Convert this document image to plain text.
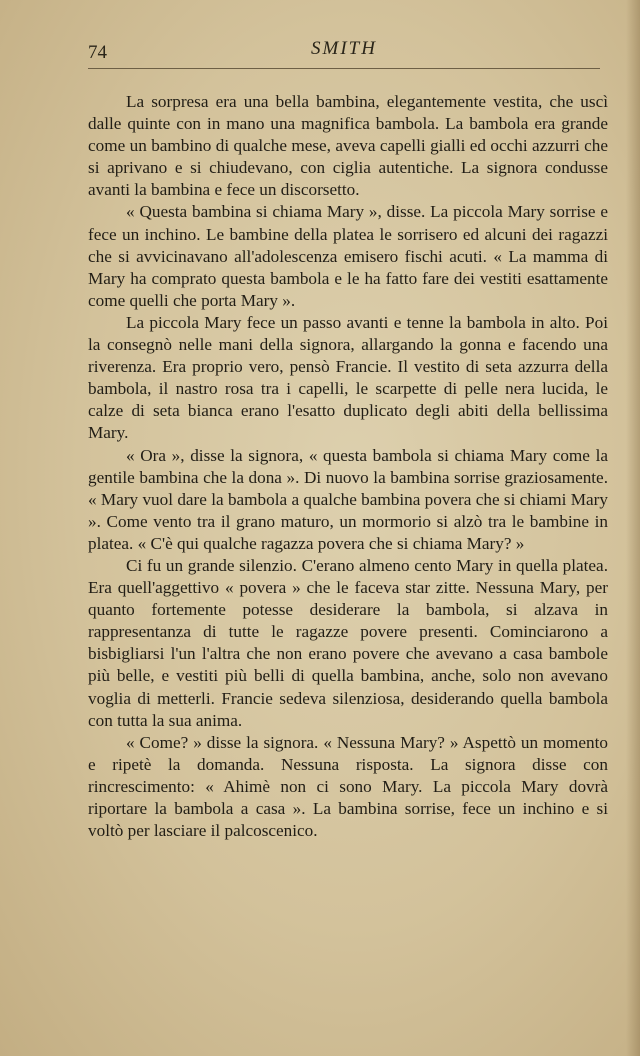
74	SMITH

La sorpresa era una bella bambina, elegantemente vestita, che uscì dalle quinte con in mano una magnifica bambola. La bambola era grande come un bambino di qualche mese, aveva capelli gialli ed occhi azzurri che si aprivano e si chiudevano, con ciglia autentiche. La signora condusse avanti la bambina e fece un discorsetto.

« Questa bambina si chiama Mary », disse. La piccola Mary sorrise e fece un inchino. Le bambine della platea le sorrisero ed alcuni dei ragazzi che si avvicinavano all'adolescenza emisero fischi acuti. « La mamma di Mary ha comprato questa bambola e le ha fatto fare dei vestiti esattamente come quelli che porta Mary ».

La piccola Mary fece un passo avanti e tenne la bambola in alto. Poi la consegnò nelle mani della signora, allargando la gonna e facendo una riverenza. Era proprio vero, pensò Francie. Il vestito di seta azzurra della bambola, il nastro rosa tra i capelli, le scarpette di pelle nera lucida, le calze di seta bianca erano l'esatto duplicato degli abiti della bellissima Mary.

« Ora », disse la signora, « questa bambola si chiama Mary come la gentile bambina che la dona ». Di nuovo la bambina sorrise graziosamente. « Mary vuol dare la bambola a qualche bambina povera che si chiami Mary ». Come vento tra il grano maturo, un mormorio si alzò tra le bambine in platea. « C'è qui qualche ragazza povera che si chiama Mary? »

Ci fu un grande silenzio. C'erano almeno cento Mary in quella platea. Era quell'aggettivo « povera » che le faceva star zitte. Nessuna Mary, per quanto fortemente potesse desiderare la bambola, si alzava in rappresentanza di tutte le ragazze povere presenti. Cominciarono a bisbigliarsi l'un l'altra che non erano povere che avevano a casa bambole più belle, e vestiti più belli di quella bambina, anche, solo non avevano voglia di metterli. Francie sedeva silenziosa, desiderando quella bambola con tutta la sua anima.

« Come? » disse la signora. « Nessuna Mary? » Aspettò un momento e ripetè la domanda. Nessuna risposta. La signora disse con rincrescimento: « Ahimè non ci sono Mary. La piccola Mary dovrà riportare la bambola a casa ». La bambina sorrise, fece un inchino e si voltò per lasciare il palcoscenico.
